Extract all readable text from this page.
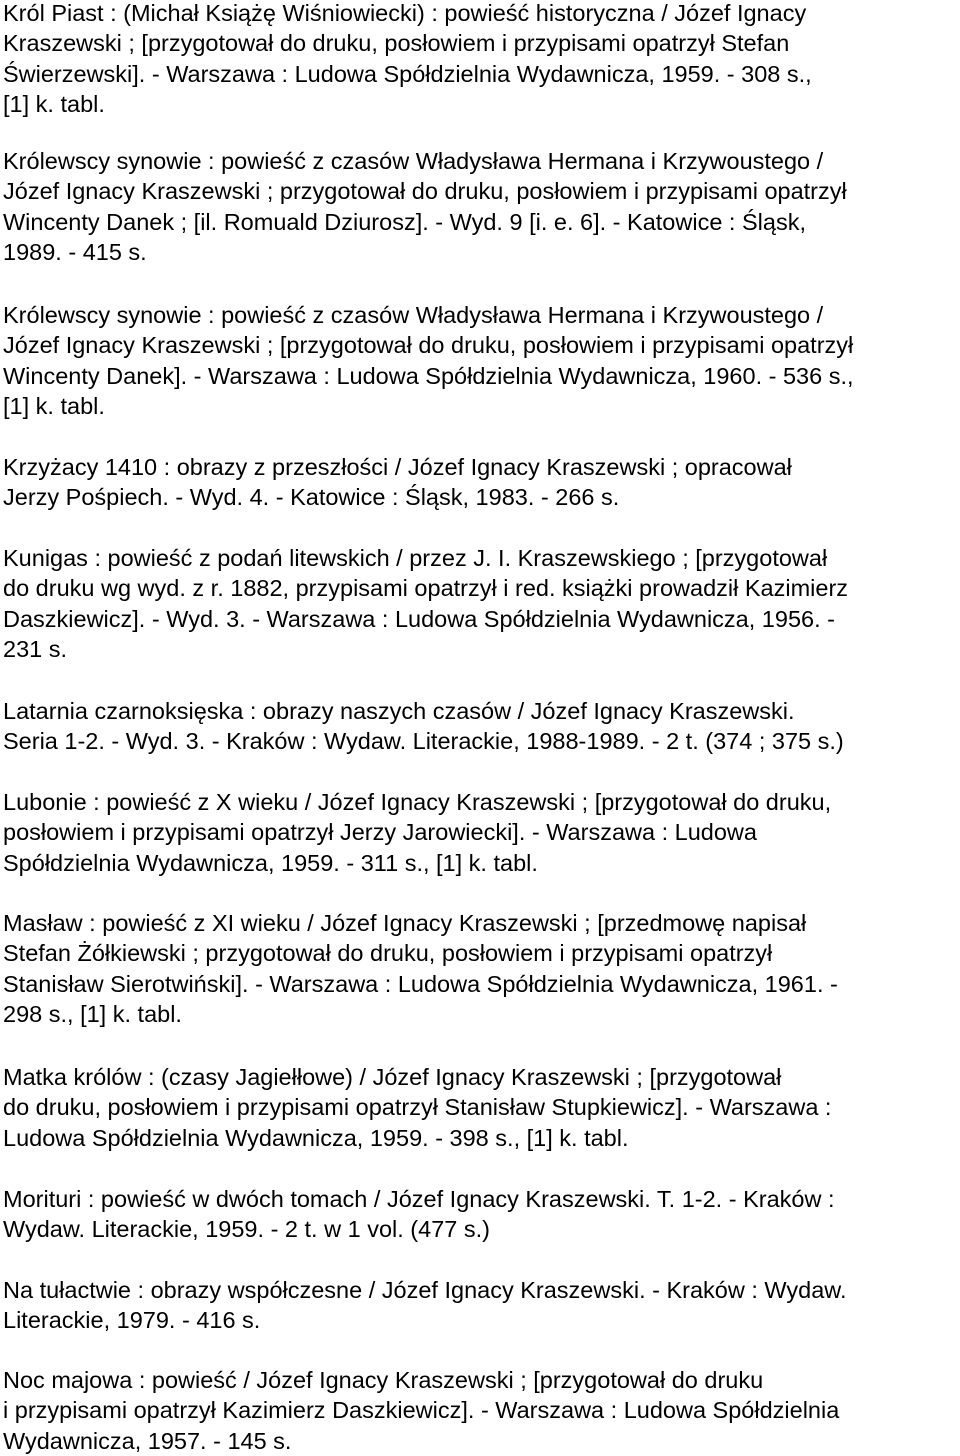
Król Piast : (Michał Książę Wiśniowiecki) : powieść historyczna / Józef Ignacy
Kraszewski ; [przygotował do druku, posłowiem i przypisami opatrzył Stefan
Świerzewski]. - Warszawa : Ludowa Spółdzielnia Wydawnicza, 1959. - 308 s.,
[1] k. tabl.

Królewscy synowie : powieść z czasów Władysława Hermana i Krzywoustego /
Józef Ignacy Kraszewski ; przygotował do druku, posłowiem i przypisami opatrzył
Wincenty Danek ; [il. Romuald Dziurosz]. - Wyd. 9 [i. e. 6]. - Katowice : Śląsk,
1989. - 415 s.

Królewscy synowie : powieść z czasów Władysława Hermana i Krzywoustego /
Józef Ignacy Kraszewski ; [przygotował do druku, posłowiem i przypisami opatrzył
Wincenty Danek]. - Warszawa : Ludowa Spółdzielnia Wydawnicza, 1960. - 536 s.,
[1] k. tabl.

Krzyżacy 1410 : obrazy z przeszłości / Józef Ignacy Kraszewski ; opracował
Jerzy Pośpiech. - Wyd. 4. - Katowice : Śląsk, 1983. - 266 s.

Kunigas : powieść z podań litewskich / przez J. I. Kraszewskiego ; [przygotował
do druku wg wyd. z r. 1882, przypisami opatrzył i red. książki prowadził Kazimierz
Daszkiewicz]. - Wyd. 3. - Warszawa : Ludowa Spółdzielnia Wydawnicza, 1956. -
231 s.

Latarnia czarnoksięska : obrazy naszych czasów / Józef Ignacy Kraszewski.
Seria 1-2. - Wyd. 3. - Kraków : Wydaw. Literackie, 1988-1989. - 2 t. (374 ; 375 s.)

Lubonie : powieść z X wieku / Józef Ignacy Kraszewski ; [przygotował do druku,
posłowiem i przypisami opatrzył Jerzy Jarowiecki]. - Warszawa : Ludowa
Spółdzielnia Wydawnicza, 1959. - 311 s., [1] k. tabl.

Masław : powieść z XI wieku / Józef Ignacy Kraszewski ; [przedmowę napisał
Stefan Żółkiewski ; przygotował do druku, posłowiem i przypisami opatrzył
Stanisław Sierotwiński]. - Warszawa : Ludowa Spółdzielnia Wydawnicza, 1961. -
298 s., [1] k. tabl.

Matka królów : (czasy Jagiełłowe) / Józef Ignacy Kraszewski ; [przygotował
do druku, posłowiem i przypisami opatrzył Stanisław Stupkiewicz]. - Warszawa :
Ludowa Spółdzielnia Wydawnicza, 1959. - 398 s., [1] k. tabl.

Morituri : powieść w dwóch tomach / Józef Ignacy Kraszewski. T. 1-2. - Kraków :
Wydaw. Literackie, 1959. - 2 t. w 1 vol. (477 s.)

Na tułactwie : obrazy współczesne / Józef Ignacy Kraszewski. - Kraków : Wydaw.
Literackie, 1979. - 416 s.

Noc majowa : powieść / Józef Ignacy Kraszewski ; [przygotował do druku
i przypisami opatrzył Kazimierz Daszkiewicz]. - Warszawa : Ludowa Spółdzielnia
Wydawnicza, 1957. - 145 s.
